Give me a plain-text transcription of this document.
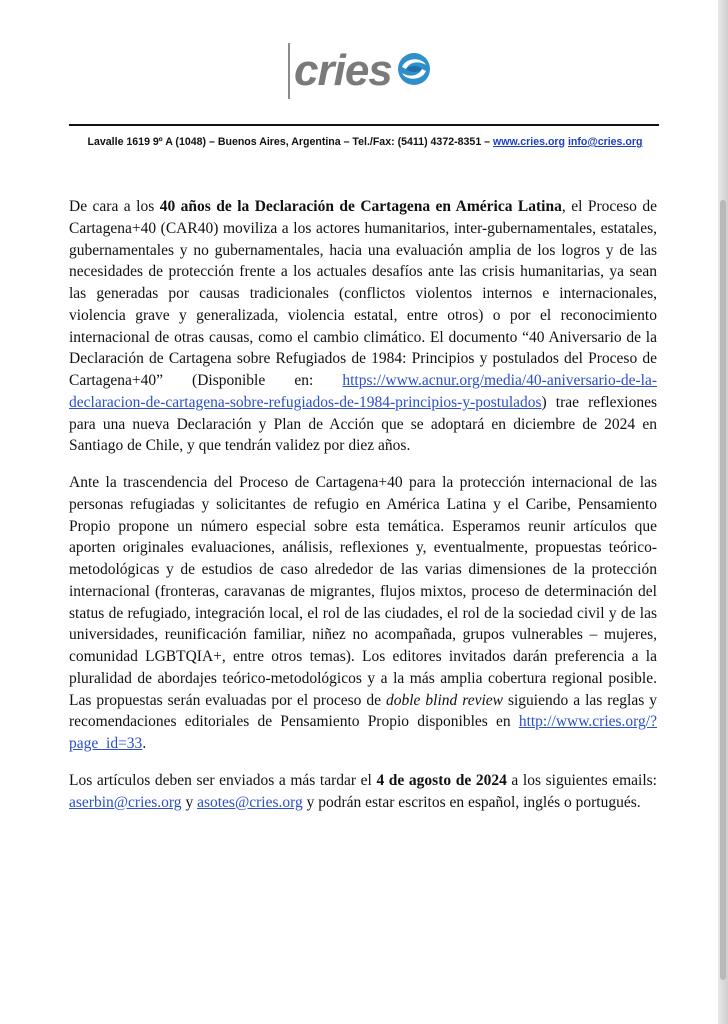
cries
Lavalle 1619 9º A (1048) – Buenos Aires, Argentina – Tel./Fax: (5411) 4372-8351 – www.cries.org info@cries.org

De cara a los 40 años de la Declaración de Cartagena en América Latina, el Proceso de Cartagena+40 (CAR40) moviliza a los actores humanitarios, inter-gubernamentales, estatales, gubernamentales y no gubernamentales, hacia una evaluación amplia de los logros y de las necesidades de protección frente a los actuales desafíos ante las crisis humanitarias, ya sean las generadas por causas tradicionales (conflictos violentos internos e internacionales, violencia grave y generalizada, violencia estatal, entre otros) o por el reconocimiento internacional de otras causas, como el cambio climático. El documento “40 Aniversario de la Declaración de Cartagena sobre Refugiados de 1984: Principios y postulados del Proceso de Cartagena+40” (Disponible en: https://www.acnur.org/media/40-aniversario-de-la-declaracion-de-cartagena-sobre-refugiados-de-1984-principios-y-postulados) trae reflexiones para una nueva Declaración y Plan de Acción que se adoptará en diciembre de 2024 en Santiago de Chile, y que tendrán validez por diez años.

Ante la trascendencia del Proceso de Cartagena+40 para la protección internacional de las personas refugiadas y solicitantes de refugio en América Latina y el Caribe, Pensamiento Propio propone un número especial sobre esta temática. Esperamos reunir artículos que aporten originales evaluaciones, análisis, reflexiones y, eventualmente, propuestas teórico-metodológicas y de estudios de caso alrededor de las varias dimensiones de la protección internacional (fronteras, caravanas de migrantes, flujos mixtos, proceso de determinación del status de refugiado, integración local, el rol de las ciudades, el rol de la sociedad civil y de las universidades, reunificación familiar, niñez no acompañada, grupos vulnerables – mujeres, comunidad LGBTQIA+, entre otros temas). Los editores invitados darán preferencia a la pluralidad de abordajes teórico-metodológicos y a la más amplia cobertura regional posible. Las propuestas serán evaluadas por el proceso de doble blind review siguiendo a las reglas y recomendaciones editoriales de Pensamiento Propio disponibles en http://www.cries.org/?page_id=33.

Los artículos deben ser enviados a más tardar el 4 de agosto de 2024 a los siguientes emails: aserbin@cries.org y asotes@cries.org y podrán estar escritos en español, inglés o portugués.
